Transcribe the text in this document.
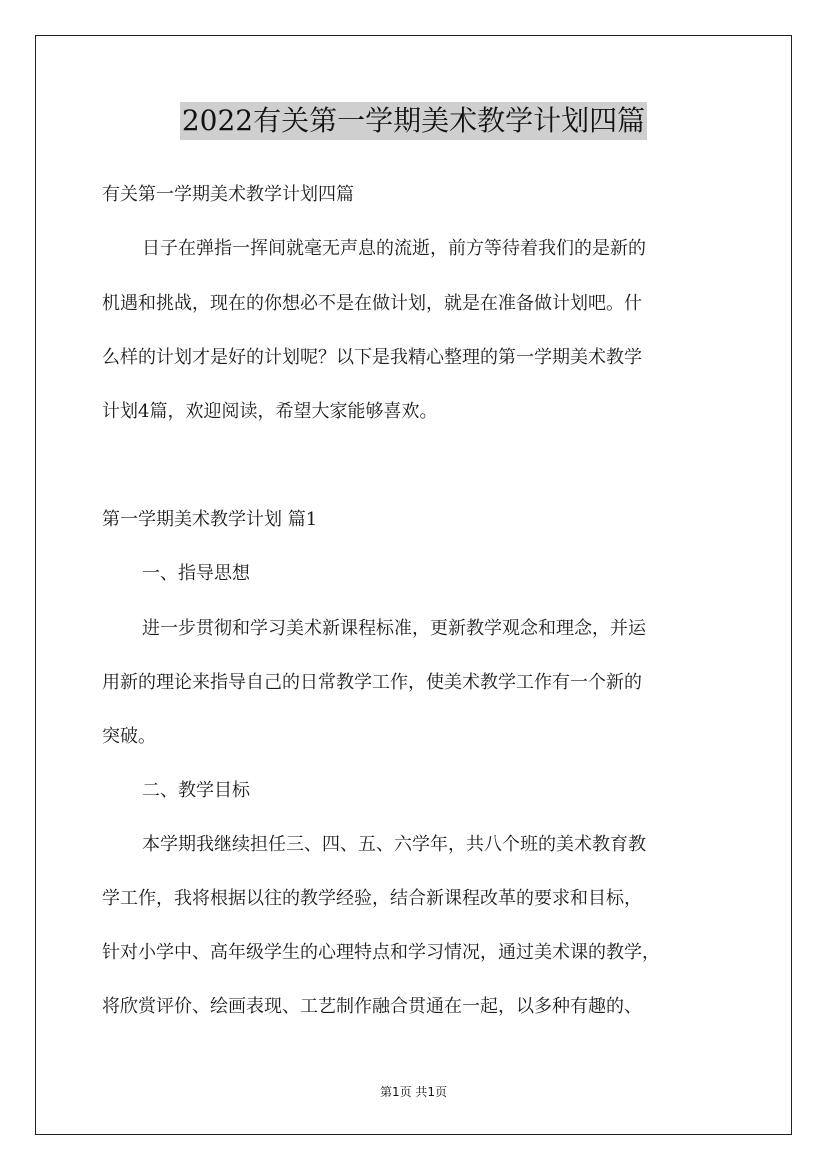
2022有关第一学期美术教学计划四篇
有关第一学期美术教学计划四篇
日子在弹指一挥间就毫无声息的流逝，前方等待着我们的是新的
机遇和挑战，现在的你想必不是在做计划，就是在准备做计划吧。什
么样的计划才是好的计划呢？以下是我精心整理的第一学期美术教学
计划4篇，欢迎阅读，希望大家能够喜欢。
第一学期美术教学计划 篇1
一、指导思想
进一步贯彻和学习美术新课程标准，更新教学观念和理念，并运
用新的理论来指导自己的日常教学工作，使美术教学工作有一个新的
突破。
二、教学目标
本学期我继续担任三、四、五、六学年，共八个班的美术教育教
学工作，我将根据以往的教学经验，结合新课程改革的要求和目标，
针对小学中、高年级学生的心理特点和学习情况，通过美术课的教学，
将欣赏评价、绘画表现、工艺制作融合贯通在一起，以多种有趣的、
第1页 共1页
